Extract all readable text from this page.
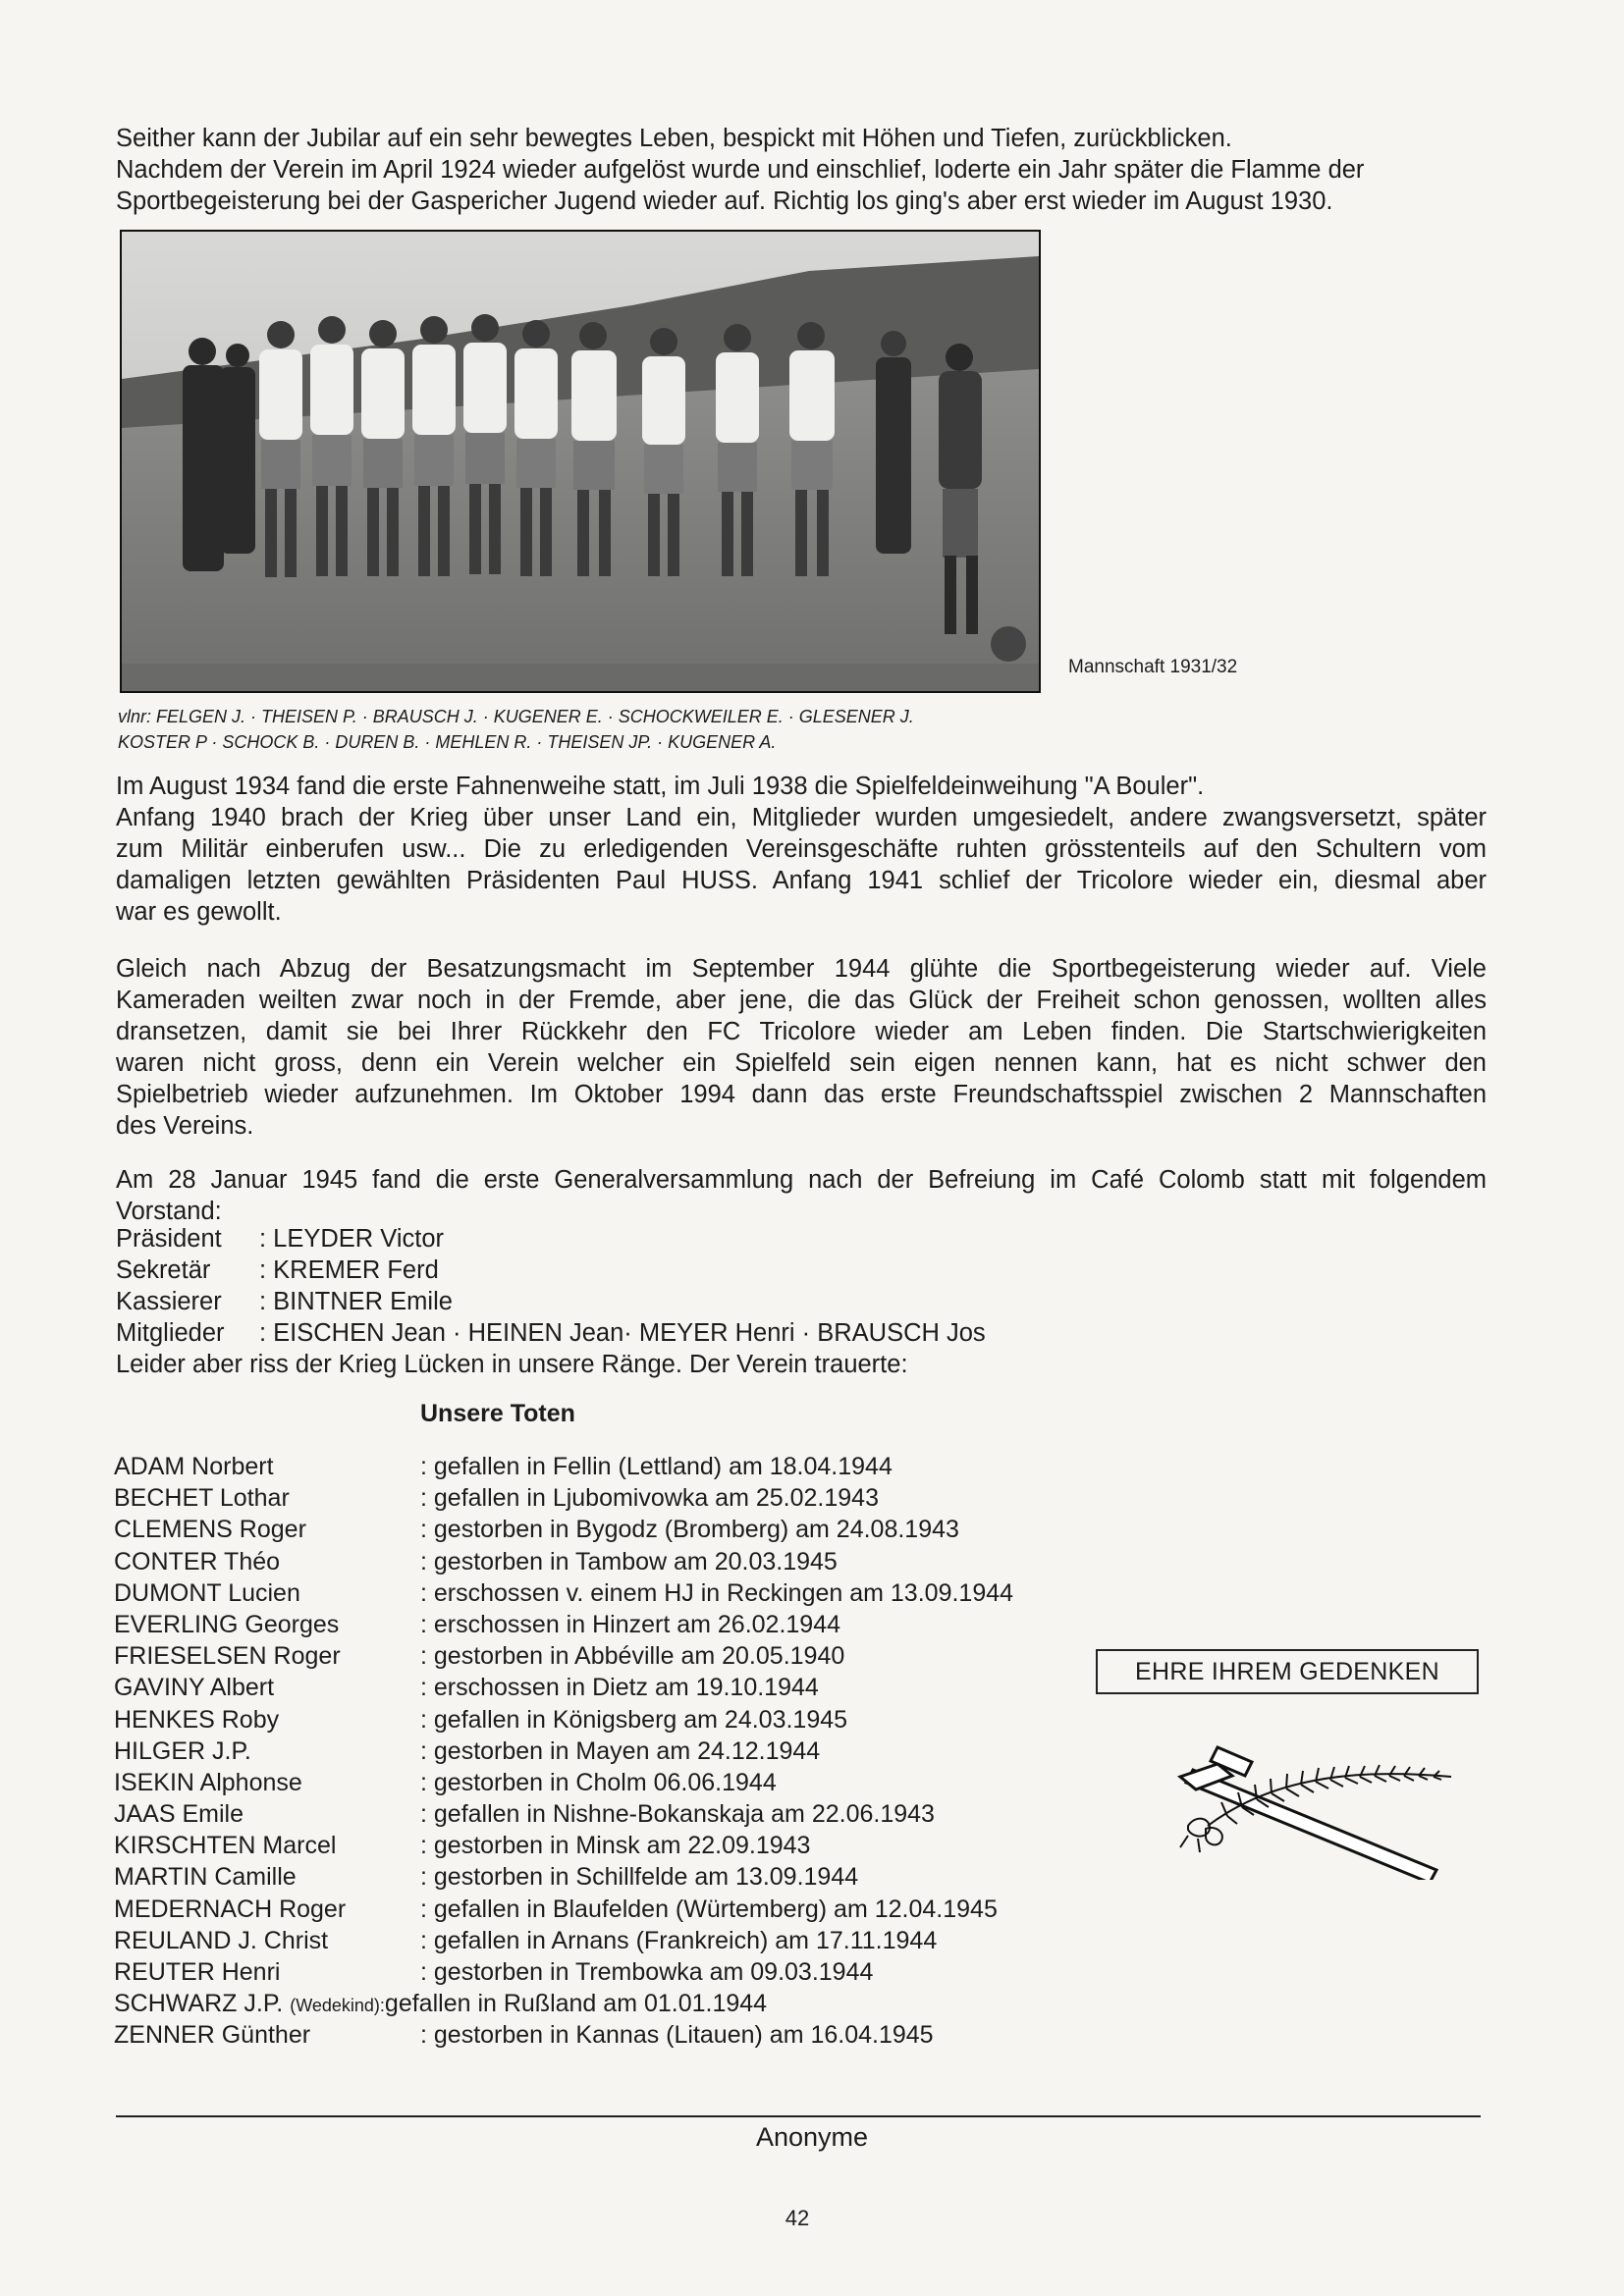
Seither kann der Jubilar auf ein sehr bewegtes Leben, bespickt mit Höhen und Tiefen, zurückblicken.
Nachdem der Verein im April 1924 wieder aufgelöst wurde und einschlief, loderte ein Jahr später die Flamme der
Sportbegeisterung bei der Gaspericher Jugend wieder auf. Richtig los ging's aber erst wieder im August 1930.
Mannschaft 1931/32
vlnr: FELGEN J. · THEISEN P. · BRAUSCH J. · KUGENER E. · SCHOCKWEILER E. · GLESENER J.
KOSTER P · SCHOCK B. · DUREN B. · MEHLEN R. · THEISEN JP. · KUGENER A.
Im August 1934 fand die erste Fahnenweihe statt, im Juli 1938 die Spielfeldeinweihung "A Bouler".
Anfang 1940 brach der Krieg über unser Land ein, Mitglieder wurden umgesiedelt, andere zwangsversetzt, später
zum Militär einberufen usw... Die zu erledigenden Vereinsgeschäfte ruhten grösstenteils auf den Schultern vom
damaligen letzten gewählten Präsidenten Paul HUSS. Anfang 1941 schlief der Tricolore wieder ein, diesmal aber
war es gewollt.
Gleich nach Abzug der Besatzungsmacht im September 1944 glühte die Sportbegeisterung wieder auf. Viele
Kameraden weilten zwar noch in der Fremde, aber jene, die das Glück der Freiheit schon genossen, wollten alles
dransetzen, damit sie bei Ihrer Rückkehr den FC Tricolore wieder am Leben finden. Die Startschwierigkeiten
waren nicht gross, denn ein Verein welcher ein Spielfeld sein eigen nennen kann, hat es nicht schwer den
Spielbetrieb wieder aufzunehmen. Im Oktober 1994 dann das erste Freundschaftsspiel zwischen 2 Mannschaften
des Vereins.
Am 28 Januar 1945 fand die erste Generalversammlung nach der Befreiung im Café Colomb statt mit folgendem
Vorstand:
Präsident : LEYDER Victor
Sekretär : KREMER Ferd
Kassierer : BINTNER Emile
Mitglieder : EISCHEN Jean · HEINEN Jean· MEYER Henri · BRAUSCH Jos
Leider aber riss der Krieg Lücken in unsere Ränge. Der Verein trauerte:
Unsere Toten
ADAM Norbert	: gefallen in Fellin (Lettland) am 18.04.1944
BECHET Lothar	: gefallen in Ljubomivowka am 25.02.1943
CLEMENS Roger	: gestorben in Bygodz (Bromberg) am 24.08.1943
CONTER Théo	: gestorben in Tambow am 20.03.1945
DUMONT Lucien	: erschossen v. einem HJ in Reckingen am 13.09.1944
EVERLING Georges	: erschossen in Hinzert am 26.02.1944
FRIESELSEN Roger	: gestorben in Abbéville am 20.05.1940
GAVINY Albert	: erschossen in Dietz am 19.10.1944
HENKES Roby	: gefallen in Königsberg am 24.03.1945
HILGER J.P.	: gestorben in Mayen am 24.12.1944
ISEKIN Alphonse	: gestorben in Cholm 06.06.1944
JAAS Emile	: gefallen in Nishne-Bokanskaja am 22.06.1943
KIRSCHTEN Marcel	: gestorben in Minsk am 22.09.1943
MARTIN Camille	: gestorben in Schillfelde am 13.09.1944
MEDERNACH Roger	: gefallen in Blaufelden (Würtemberg) am 12.04.1945
REULAND J. Christ	: gefallen in Arnans (Frankreich) am 17.11.1944
REUTER Henri	: gestorben in Trembowka am 09.03.1944
SCHWARZ J.P. (Wedekind):gefallen in Rußland am 01.01.1944
ZENNER Günther	: gestorben in Kannas (Litauen) am 16.04.1945
EHRE IHREM GEDENKEN
Anonyme
42
